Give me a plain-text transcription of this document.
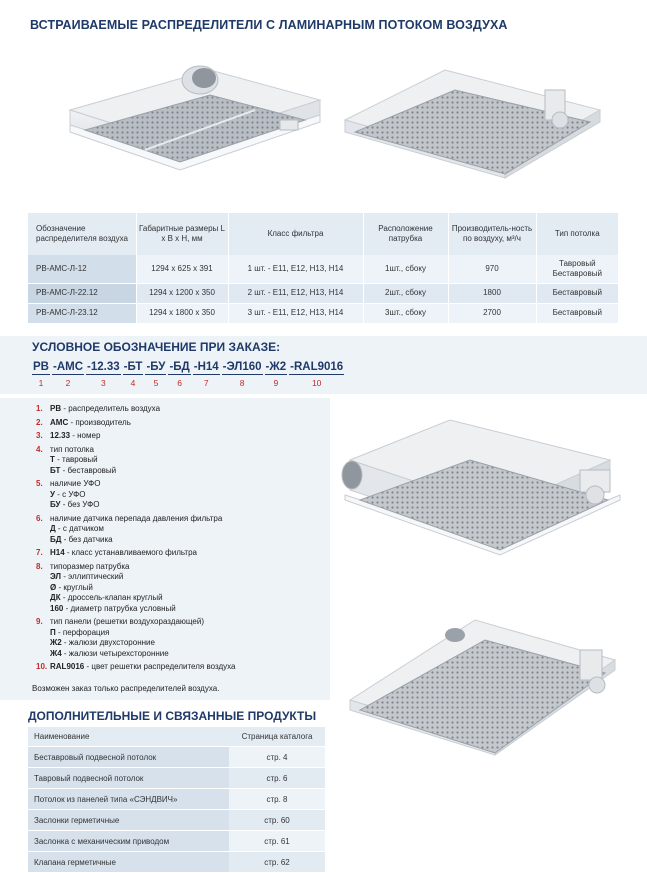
ВСТРАИВАЕМЫЕ РАСПРЕДЕЛИТЕЛИ С ЛАМИНАРНЫМ ПОТОКОМ ВОЗДУХА
Обозначение распределителя воздуха	Габаритные размеры L x B x H, мм	Класс фильтра	Расположение патрубка	Производитель-ность по воздуху, м³/ч	Тип потолка
РВ-АМС-Л-12	1294 х 625 х 391	1 шт. - E11, E12, H13, H14	1шт., сбоку	970	Тавровый Беставровый
РВ-АМС-Л-22.12	1294 х 1200 х 350	2 шт. - E11, E12, H13, H14	2шт., сбоку	1800	Беставровый
РВ-АМС-Л-23.12	1294 х 1800 х 350	3 шт. - E11, E12, H13, H14	3шт., сбоку	2700	Беставровый
УСЛОВНОЕ ОБОЗНАЧЕНИЕ ПРИ ЗАКАЗЕ:
РВ
1
-АМС
2
-12.33
3
-БТ
4
-БУ
5
-БД
6
-Н14
7
-ЭЛ160
8
-Ж2
9
-RAL9016
10
1. РВ - распределитель воздуха
2. АМС - производитель
3. 12.33 - номер
4. тип потолка
Т - тавровый
БТ - беставровый
5. наличие УФО
У - с УФО
БУ - без УФО
6. наличие датчика перепада давления фильтра
Д - с датчиком
БД - без датчика
7. Н14 - класс устанавливаемого фильтра
8. типоразмер патрубка
ЭЛ - эллиптический
Ø - круглый
ДК - дроссель-клапан круглый
160 - диаметр патрубка условный
9. тип панели (решетки воздухораздающей)
П - перфорация
Ж2 - жалюзи двухсторонние
Ж4 - жалюзи четырехсторонние
10. RAL9016 - цвет решетки распределителя воздуха
Возможен заказ только распределителей воздуха.
ДОПОЛНИТЕЛЬНЫЕ И СВЯЗАННЫЕ ПРОДУКТЫ
Наименование	Страница каталога
Беставровый подвесной потолок	стр. 4
Тавровый подвесной потолок	стр. 6
Потолок из панелей типа «СЭНДВИЧ»	стр. 8
Заслонки герметичные	стр. 60
Заслонка с механическим приводом	стр. 61
Клапана герметичные	стр. 62
